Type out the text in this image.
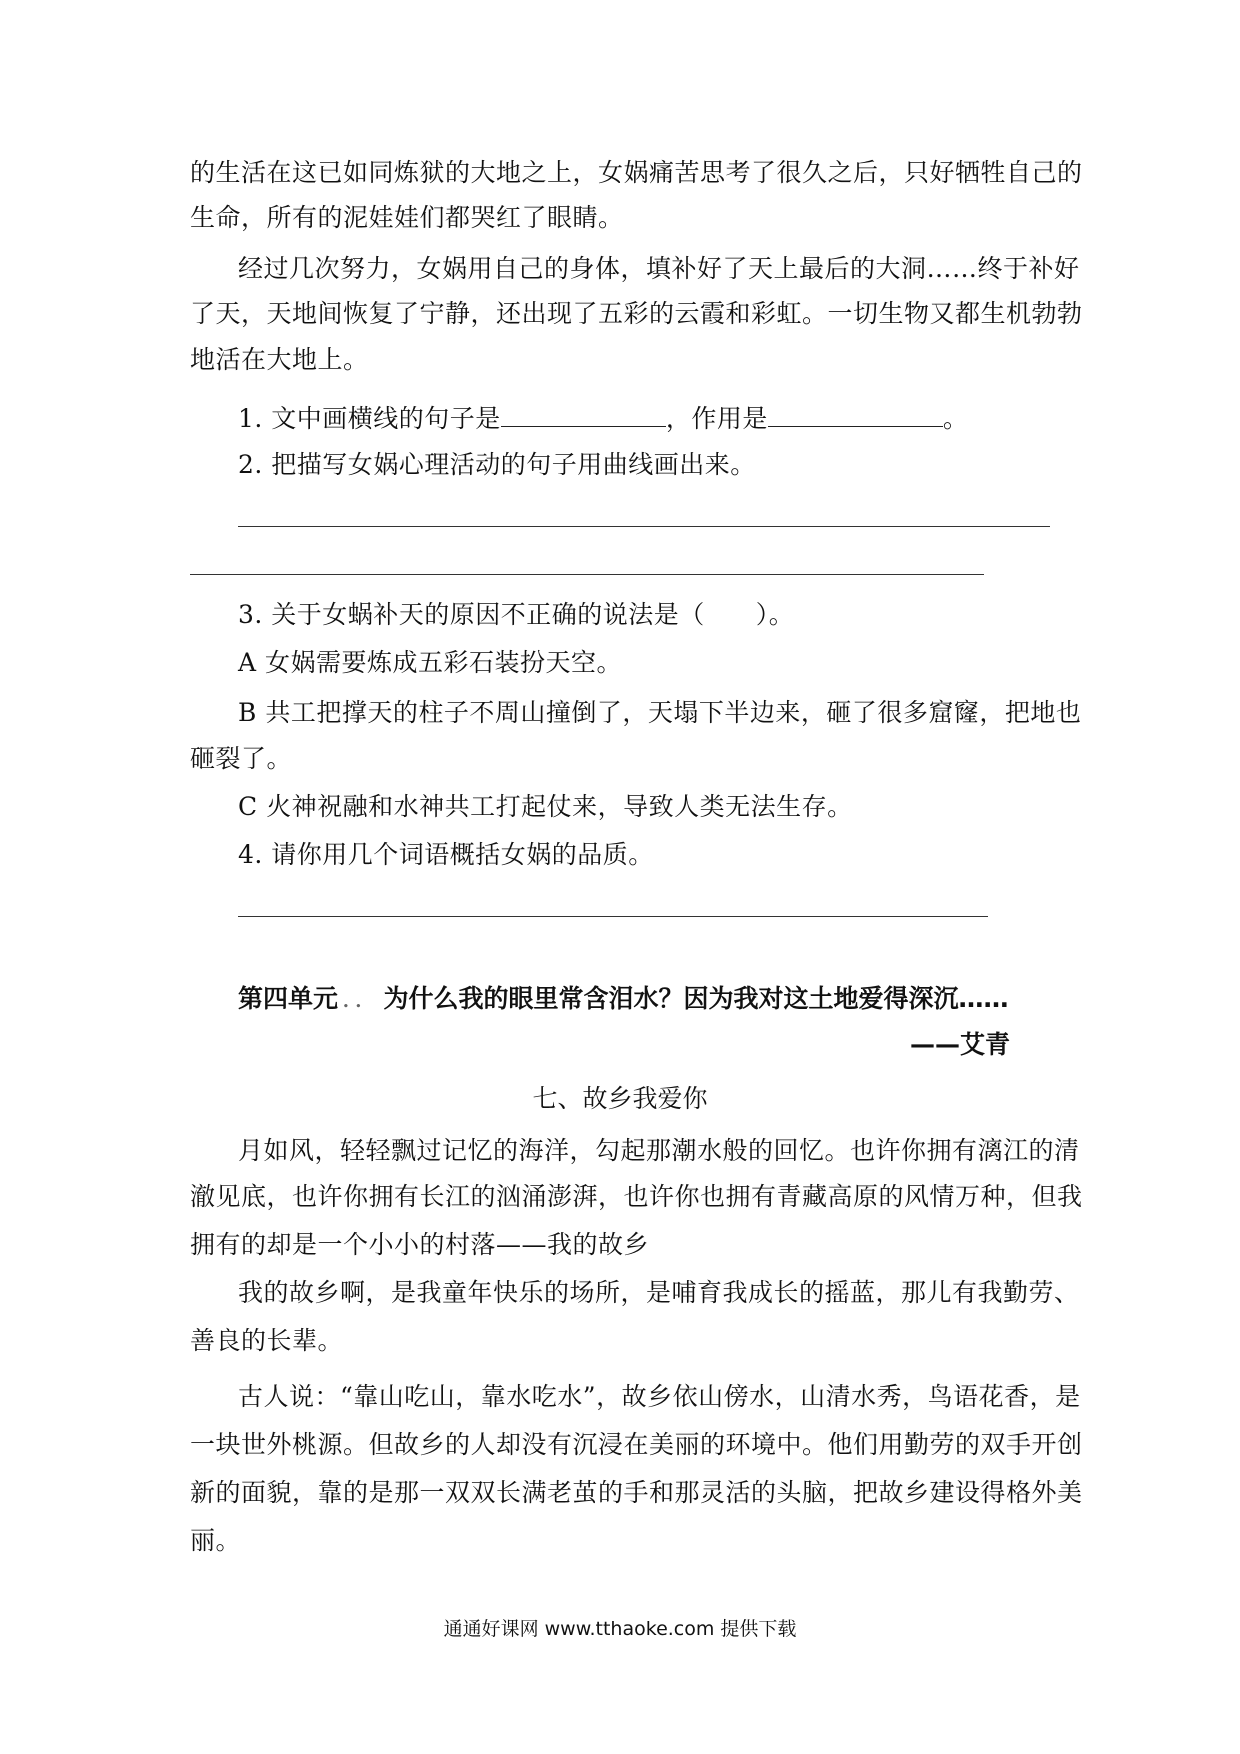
的生活在这已如同炼狱的大地之上，女娲痛苦思考了很久之后，只好牺牲自己的
生命，所有的泥娃娃们都哭红了眼睛。
经过几次努力，女娲用自己的身体，填补好了天上最后的大洞……终于补好
了天，天地间恢复了宁静，还出现了五彩的云霞和彩虹。一切生物又都生机勃勃
地活在大地上。
1. 文中画横线的句子是	，作用是	。
2. 把描写女娲心理活动的句子用曲线画出来。
3. 关于女蜗补天的原因不正确的说法是（　　）。
A 女娲需要炼成五彩石装扮天空。
B 共工把撑天的柱子不周山撞倒了，天塌下半边来，砸了很多窟窿，把地也
砸裂了。
C 火神祝融和水神共工打起仗来，导致人类无法生存。
4. 请你用几个词语概括女娲的品质。
第四单元 ．． 为什么我的眼里常含泪水？因为我对这土地爱得深沉……
——艾青
七、故乡我爱你
月如风，轻轻飘过记忆的海洋，勾起那潮水般的回忆。也许你拥有漓江的清
澈见底，也许你拥有长江的汹涌澎湃，也许你也拥有青藏高原的风情万种，但我
拥有的却是一个小小的村落——我的故乡
我的故乡啊，是我童年快乐的场所，是哺育我成长的摇蓝，那儿有我勤劳、
善良的长辈。
古人说：“靠山吃山，靠水吃水”，故乡依山傍水，山清水秀，鸟语花香，是
一块世外桃源。但故乡的人却没有沉浸在美丽的环境中。他们用勤劳的双手开创
新的面貌，靠的是那一双双长满老茧的手和那灵活的头脑，把故乡建设得格外美
丽。
通通好课网 www.tthaoke.com 提供下载
